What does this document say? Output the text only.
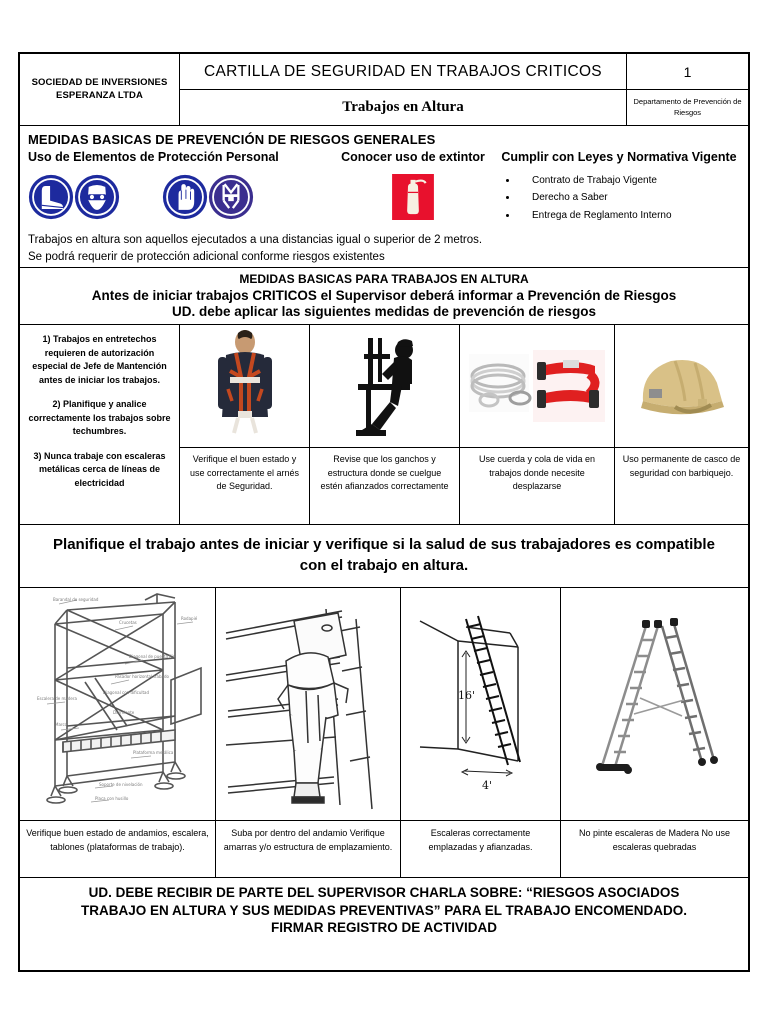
SOCIEDAD DE INVERSIONES ESPERANZA LTDA
CARTILLA DE SEGURIDAD EN TRABAJOS CRITICOS
Trabajos en Altura
1
Departamento de Prevención de Riesgos
MEDIDAS BASICAS DE PREVENCIÓN DE RIESGOS GENERALES
Uso de Elementos de Protección Personal	Conocer uso de extintor	Cumplir con Leyes y Normativa Vigente
• Contrato de Trabajo Vigente
• Derecho a Saber
• Entrega de Reglamento Interno
Trabajos en altura son aquellos ejecutados a una distancias igual o superior de 2 metros.
Se podrá requerir de protección adicional conforme riesgos existentes
MEDIDAS BASICAS PARA TRABAJOS EN ALTURA
Antes de iniciar trabajos CRITICOS el Supervisor deberá informar a Prevención de Riesgos
UD. debe aplicar las siguientes medidas de prevención de riesgos

1) Trabajos en entretechos requieren de autorización especial de Jefe de Mantención antes de iniciar los trabajos.

2) Planifique y analice correctamente los trabajos sobre techumbres.

3) Nunca trabaje con escaleras metálicas cerca de líneas de electricidad

Verifique el buen estado y use correctamente el arnés de Seguridad.
Revise que los ganchos y estructura donde se cuelgue estén afianzados correctamente
Use cuerda y cola de vida en trabajos donde necesite desplazarse
Uso permanente de casco de seguridad con barbiquejo.
Planifique el trabajo antes de iniciar y verifique si la salud de sus trabajadores es compatible con el trabajo en altura.
Barandal de seguridad
Crucetas
Diagonal de puesta fija
Pasador horizontal trabado
Diagonal con dificultad
Escalera de madera
Marco
Durmiente
Plataforma metálica
Soporte de nivelación
Placa con husillo
Rodapié
Verifique buen estado de andamios, escalera, tablones (plataformas de trabajo).
Suba por dentro del andamio Verifique amarras y/o estructura de emplazamiento.
16'
4'
Escaleras correctamente emplazadas y afianzadas.
No pinte escaleras de Madera No use escaleras quebradas
UD. DEBE RECIBIR DE PARTE DEL SUPERVISOR CHARLA SOBRE: “RIESGOS ASOCIADOS
TRABAJO EN ALTURA Y SUS MEDIDAS PREVENTIVAS” PARA EL TRABAJO ENCOMENDADO.
FIRMAR REGISTRO DE ACTIVIDAD
